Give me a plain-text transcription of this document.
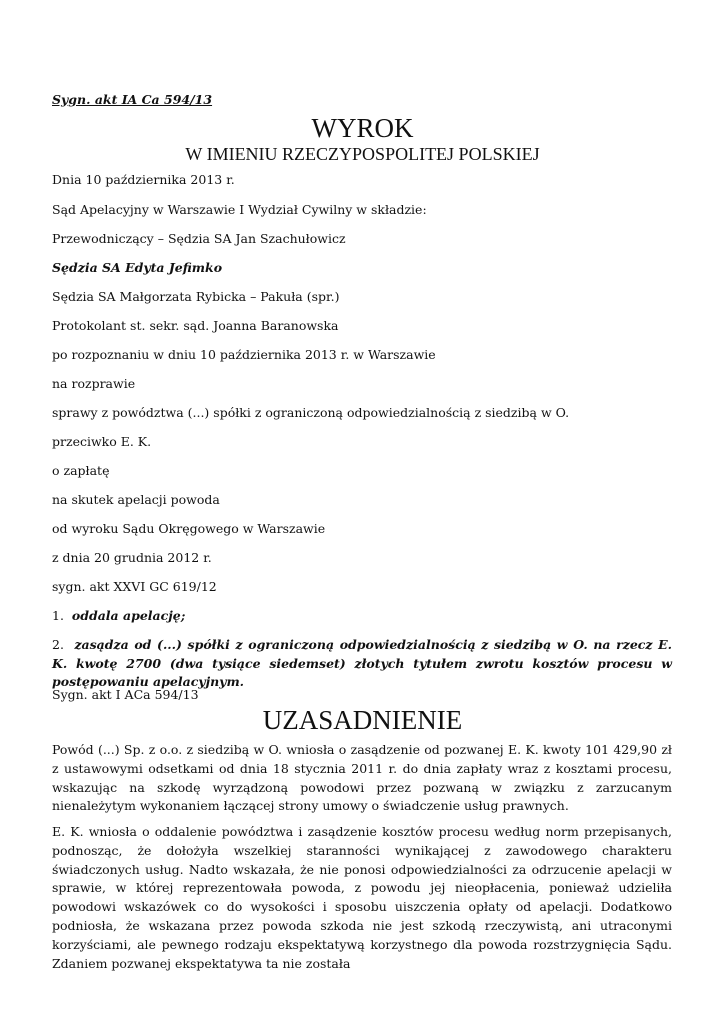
Sygn. akt IA Ca 594/13
WYROK
W IMIENIU RZECZYPOSPOLITEJ POLSKIEJ
Dnia 10 października 2013 r.
Sąd Apelacyjny w Warszawie I Wydział Cywilny w składzie:
Przewodniczący – Sędzia SA Jan Szachułowicz
Sędzia SA Edyta Jefimko
Sędzia SA Małgorzata Rybicka – Pakuła (spr.)
Protokolant st. sekr. sąd. Joanna Baranowska
po rozpoznaniu w dniu 10 października 2013 r. w Warszawie
na rozprawie
sprawy z powództwa (...) spółki z ograniczoną odpowiedzialnością z siedzibą w O.
przeciwko E. K.
o zapłatę
na skutek apelacji powoda
od wyroku Sądu Okręgowego w Warszawie
z dnia 20 grudnia 2012 r.
sygn. akt XXVI GC 619/12
1. oddala apelację;
2. zasądza od (...) spółki z ograniczoną odpowiedzialnością z siedzibą w O. na rzecz E. K. kwotę 2700 (dwa tysiące siedemset) złotych tytułem zwrotu kosztów procesu w postępowaniu apelacyjnym.
Sygn. akt I ACa 594/13
UZASADNIENIE
Powód (...) Sp. z o.o. z siedzibą w O. wniosła o zasądzenie od pozwanej E. K. kwoty 101 429,90 zł z ustawowymi odsetkami od dnia 18 stycznia 2011 r. do dnia zapłaty wraz z kosztami procesu, wskazując na szkodę wyrządzoną powodowi przez pozwaną w związku z zarzucanym nienależytym wykonaniem łączącej strony umowy o świadczenie usług prawnych.
E. K. wniosła o oddalenie powództwa i zasądzenie kosztów procesu według norm przepisanych, podnosząc, że dołożyła wszelkiej staranności wynikającej z zawodowego charakteru świadczonych usług. Nadto wskazała, że nie ponosi odpowiedzialności za odrzucenie apelacji w sprawie, w której reprezentowała powoda, z powodu jej nieopłacenia, ponieważ udzieliła powodowi wskazówek co do wysokości i sposobu uiszczenia opłaty od apelacji. Dodatkowo podniosła, że wskazana przez powoda szkoda nie jest szkodą rzeczywistą, ani utraconymi korzyściami, ale pewnego rodzaju ekspektatywą korzystnego dla powoda rozstrzygnięcia Sądu. Zdaniem pozwanej ekspektatywa ta nie została
